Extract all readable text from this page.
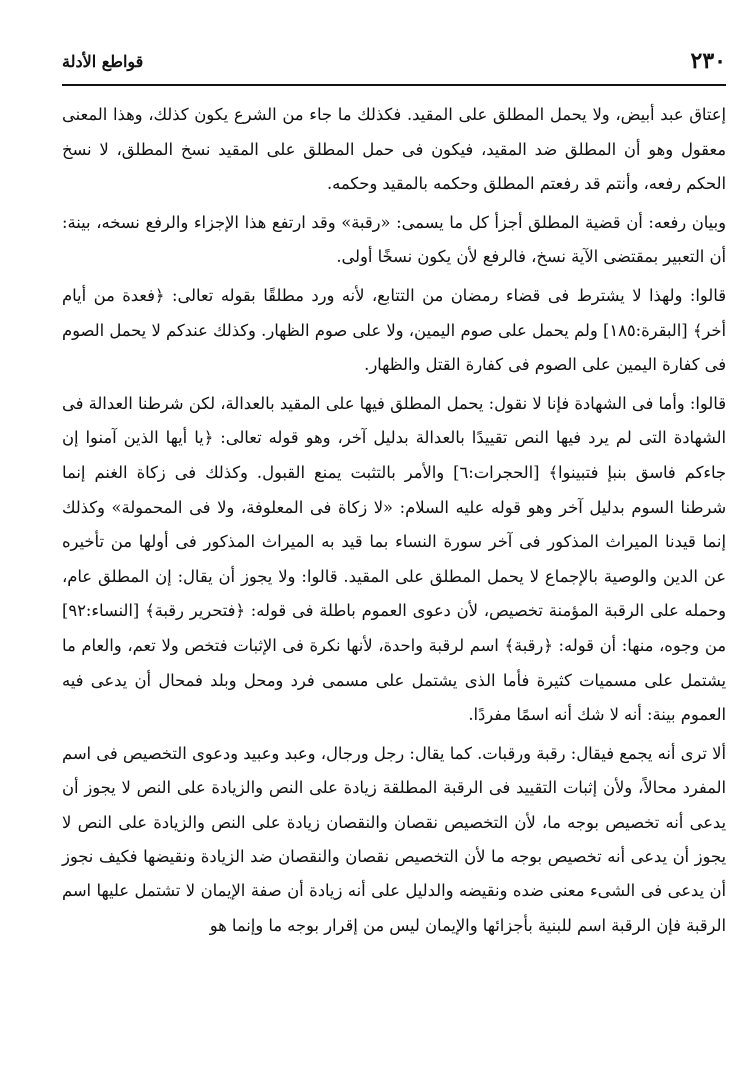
٢٣٠
قواطع الأدلة

إعتاق عبد أبيض، ولا يحمل المطلق على المقيد. فكذلك ما جاء من الشرع يكون كذلك، وهذا المعنى معقول وهو أن المطلق ضد المقيد، فيكون فى حمل المطلق على المقيد نسخ المطلق، لا نسخ الحكم رفعه، وأنتم قد رفعتم المطلق وحكمه بالمقيد وحكمه.

وبيان رفعه: أن قضية المطلق أجزأ كل ما يسمى: «رقبة» وقد ارتفع هذا الإجزاء والرفع نسخه، بينة: أن التعبير بمقتضى الآية نسخ، فالرفع لأن يكون نسخًا أولى.

قالوا: ولهذا لا يشترط فى قضاء رمضان من التتابع، لأنه ورد مطلقًا بقوله تعالى: ﴿فعدة من أيام أخر﴾ [البقرة:١٨٥] ولم يحمل على صوم اليمين، ولا على صوم الظهار. وكذلك عندكم لا يحمل الصوم فى كفارة اليمين على الصوم فى كفارة القتل والظهار.

قالوا: وأما فى الشهادة فإنا لا نقول: يحمل المطلق فيها على المقيد بالعدالة، لكن شرطنا العدالة فى الشهادة التى لم يرد فيها النص تقييدًا بالعدالة بدليل آخر، وهو قوله تعالى: ﴿يا أيها الذين آمنوا إن جاءكم فاسق بنبإ فتبينوا﴾ [الحجرات:٦] والأمر بالتثبت يمنع القبول. وكذلك فى زكاة الغنم إنما شرطنا السوم بدليل آخر وهو قوله عليه السلام: «لا زكاة فى المعلوفة، ولا فى المحمولة» وكذلك إنما قيدنا الميراث المذكور فى آخر سورة النساء بما قيد به الميراث المذكور فى أولها من تأخيره عن الدين والوصية بالإجماع لا يحمل المطلق على المقيد. قالوا: ولا يجوز أن يقال: إن المطلق عام، وحمله على الرقبة المؤمنة تخصيص، لأن دعوى العموم باطلة فى قوله: ﴿فتحرير رقبة﴾ [النساء:٩٢] من وجوه، منها: أن قوله: ﴿رقبة﴾ اسم لرقبة واحدة، لأنها نكرة فى الإثبات فتخص ولا تعم، والعام ما يشتمل على مسميات كثيرة فأما الذى يشتمل على مسمى فرد ومحل وبلد فمحال أن يدعى فيه العموم بينة: أنه لا شك أنه اسمًا مفردًا.

ألا ترى أنه يجمع فيقال: رقبة ورقبات. كما يقال: رجل ورجال، وعبد وعبيد ودعوى التخصيص فى اسم المفرد محالاً، ولأن إثبات التقييد فى الرقبة المطلقة زيادة على النص والزيادة على النص لا يجوز أن يدعى أنه تخصيص بوجه ما، لأن التخصيص نقصان والنقصان زيادة على النص والزيادة على النص لا يجوز أن يدعى أنه تخصيص بوجه ما لأن التخصيص نقصان والنقصان ضد الزيادة ونقيضها فكيف نجوز أن يدعى فى الشىء معنى ضده ونقيضه والدليل على أنه زيادة أن صفة الإيمان لا تشتمل عليها اسم الرقبة فإن الرقبة اسم للبنية بأجزائها والإيمان ليس من إقرار بوجه ما وإنما هو
